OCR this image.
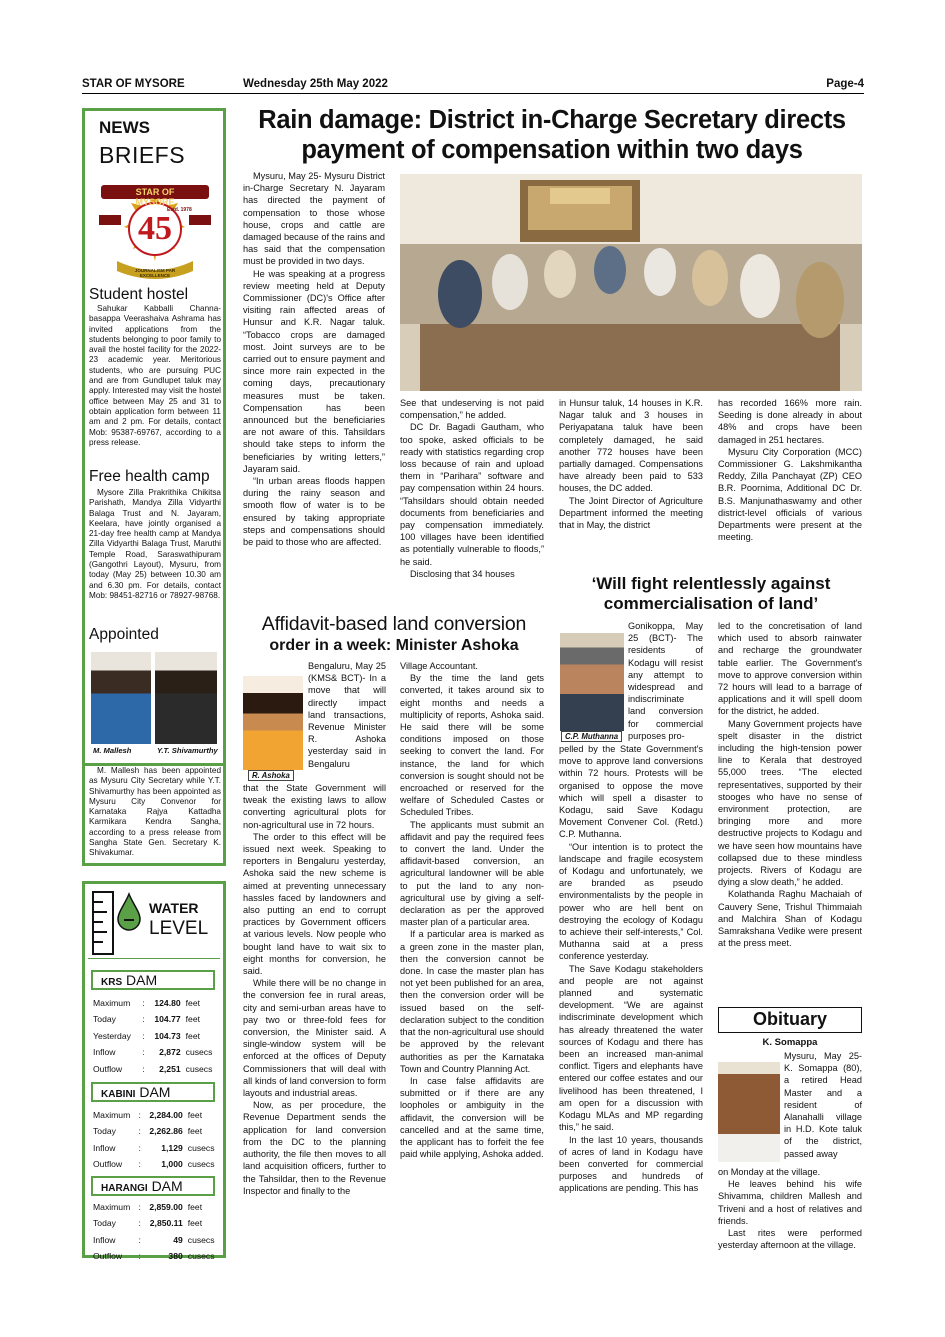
STAR OF MYSORE	Wednesday 25th May 2022	Page-4
NEWS
BRIEFS
STAR OF MYSORE
Estd. 1978
45
JOURNALISM PAR EXCELLENCE
Student hostel

Sahukar Kabballi Channa-basappa Veerashaiva Ashrama has invited applications from the students belonging to poor family to avail the hostel facility for the 2022-23 academic year. Meritorious students, who are pursuing PUC and are from Gundlupet taluk may apply. Interested may visit the hostel office between May 25 and 31 to obtain application form between 11 am and 2 pm. For details, contact Mob: 95387-69767, according to a press release.

Free health camp

Mysore Zilla Prakrithika Chikitsa Parishath, Mandya Zilla Vidyarthi Balaga Trust and N. Jayaram, Keelara, have jointly organised a 21-day free health camp at Mandya Zilla Vidyarthi Balaga Trust, Maruthi Temple Road, Saraswathipuram (Gangothri Layout), Mysuru, from today (May 25) between 10.30 am and 6.30 pm. For details, contact Mob: 98451-82716 or 78927-98768.

Appointed
M. Mallesh	Y.T. Shivamurthy

M. Mallesh has been appointed as Mysuru City Secretary while Y.T. Shivamurthy has been appointed as Mysuru City Convenor for Karnataka Rajya Kattadha Karmikara Kendra Sangha, according to a press release from Sangha State Gen. Secretary K. Shivakumar.

WATER
LEVEL
KRS DAM
Maximum	:	124.80	feet
Today	:	104.77	feet
Yesterday	:	104.73	feet
Inflow	:	2,872	cusecs
Outflow	:	2,251	cusecs
KABINI DAM
Maximum	:	2,284.00	feet
Today	:	2,262.86	feet
Inflow	:	1,129	cusecs
Outflow	:	1,000	cusecs
HARANGI DAM
Maximum	:	2,859.00	feet
Today	:	2,850.11	feet
Inflow	:	49	cusecs
Outflow	:	380	cusecs
Rain damage: District in-Charge Secretary directs
payment of compensation within two days

Mysuru, May 25- Mysuru District in-Charge Secretary N. Jayaram has directed the payment of compensation to those whose house, crops and cattle are damaged because of the rains and has said that the compensation must be provided in two days.

He was speaking at a progress review meeting held at Deputy Commissioner (DC)'s Office after visiting rain affected areas of Hunsur and K.R. Nagar taluk. “Tobacco crops are damaged most. Joint surveys are to be carried out to ensure payment and since more rain expected in the coming days, precautionary measures must be taken. Compensation has been announced but the beneficiaries are not aware of this. Tahsildars should take steps to inform the beneficiaries by writing letters,” Jayaram said.

“In urban areas floods happen during the rainy season and smooth flow of water is to be ensured by taking appropriate steps and compensations should be paid to those who are affected.

See that undeserving is not paid compensation,” he added.

DC Dr. Bagadi Gautham, who too spoke, asked officials to be ready with statistics regarding crop loss because of rain and upload them in “Parihara” software and pay compensation within 24 hours. “Tahsildars should obtain needed documents from beneficiaries and pay compensation immediately. 100 villages have been identified as potentially vulnerable to floods,” he said.

Disclosing that 34 houses

in Hunsur taluk, 14 houses in K.R. Nagar taluk and 3 houses in Periyapatana taluk have been completely damaged, he said another 772 houses have been partially damaged. Compensations have already been paid to 533 houses, the DC added.

The Joint Director of Agriculture Department informed the meeting that in May, the district

has recorded 166% more rain. Seeding is done already in about 48% and crops have been damaged in 251 hectares.

Mysuru City Corporation (MCC) Commissioner G. Lakshmikantha Reddy, Zilla Panchayat (ZP) CEO B.R. Poornima, Additional DC Dr. B.S. Manjunathaswamy and other district-level officials of various Departments were present at the meeting.

Affidavit-based land conversion
order in a week: Minister Ashoka
R. Ashoka

Bengaluru, May 25 (KMS& BCT)- In a move that will directly impact land transactions, Revenue Minister R. Ashoka yesterday said in Bengaluru

that the State Government will tweak the existing laws to allow converting agricultural plots for non-agricultural use in 72 hours.

The order to this effect will be issued next week. Speaking to reporters in Bengaluru yesterday, Ashoka said the new scheme is aimed at preventing unnecessary hassles faced by landowners and also putting an end to corrupt practices by Government officers at various levels. Now people who bought land have to wait six to eight months for conversion, he said.

While there will be no change in the conversion fee in rural areas, city and semi-urban areas have to pay two or three-fold fees for conversion, the Minister said. A single-window system will be enforced at the offices of Deputy Commissioners that will deal with all kinds of land conversion to form layouts and industrial areas.

Now, as per procedure, the Revenue Department sends the application for land conversion from the DC to the planning authority, the file then moves to all land acquisition officers, further to the Tahsildar, then to the Revenue Inspector and finally to the

Village Accountant.

By the time the land gets converted, it takes around six to eight months and needs a multiplicity of reports, Ashoka said. He said there will be some conditions imposed on those seeking to convert the land. For instance, the land for which conversion is sought should not be encroached or reserved for the welfare of Scheduled Castes or Scheduled Tribes.

The applicants must submit an affidavit and pay the required fees to convert the land. Under the affidavit-based conversion, an agricultural landowner will be able to put the land to any non-agricultural use by giving a self-declaration as per the approved master plan of a particular area.

If a particular area is marked as a green zone in the master plan, then the conversion cannot be done. In case the master plan has not yet been published for an area, then the conversion order will be issued based on the self-declaration subject to the condition that the non-agricultural use should be approved by the relevant authorities as per the Karnataka Town and Country Planning Act.

In case false affidavits are submitted or if there are any loopholes or ambiguity in the affidavit, the conversion will be cancelled and at the same time, the applicant has to forfeit the fee paid while applying, Ashoka added.

‘Will fight relentlessly against
commercialisation of land’
C.P. Muthanna

Gonikoppa, May 25 (BCT)- The residents of Kodagu will resist any attempt to widespread and indiscriminate land conversion for commercial purposes pro-

pelled by the State Government's move to approve land conversions within 72 hours. Protests will be organised to oppose the move which will spell a disaster to Kodagu, said Save Kodagu Movement Convener Col. (Retd.) C.P. Muthanna.

“Our intention is to protect the landscape and fragile ecosystem of Kodagu and unfortunately, we are branded as pseudo environmentalists by the people in power who are hell bent on destroying the ecology of Kodagu to achieve their self-interests,” Col. Muthanna said at a press conference yesterday.

The Save Kodagu stakeholders and people are not against planned and systematic development. “We are against indiscriminate development which has already threatened the water sources of Kodagu and there has been an increased man-animal conflict. Tigers and elephants have entered our coffee estates and our livelihood has been threatened, I am open for a discussion with Kodagu MLAs and MP regarding this,” he said.

In the last 10 years, thousands of acres of land in Kodagu have been converted for commercial purposes and hundreds of applications are pending. This has

led to the concretisation of land which used to absorb rainwater and recharge the groundwater table earlier. The Government's move to approve conversion within 72 hours will lead to a barrage of applications and it will spell doom for the district, he added.

Many Government projects have spelt disaster in the district including the high-tension power line to Kerala that destroyed 55,000 trees. “The elected representatives, supported by their stooges who have no sense of environment protection, are bringing more and more destructive projects to Kodagu and we have seen how mountains have collapsed due to these mindless projects. Rivers of Kodagu are dying a slow death,” he added.

Kolathanda Raghu Machaiah of Cauvery Sene, Trishul Thimmaiah and Malchira Shan of Kodagu Samrakshana Vedike were present at the press meet.

Obituary
K. Somappa

Mysuru, May 25- K. Somappa (80), a retired Head Master and a resident of Alanahalli village in H.D. Kote taluk of the district, passed away

on Monday at the village.

He leaves behind his wife Shivamma, children Mallesh and Triveni and a host of relatives and friends.

Last rites were performed yesterday afternoon at the village.
